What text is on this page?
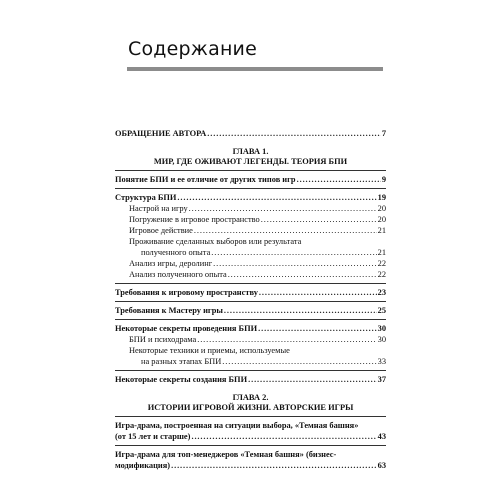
Содержание
ОБРАЩЕНИЕ АВТОРА . . .	7
ГЛАВА 1.
МИР, ГДЕ ОЖИВАЮТ ЛЕГЕНДЫ. ТЕОРИЯ БПИ
Понятие БПИ и ее отличие от других типов игр . . .	9
Структура БПИ . . .	19
Настрой на игру . . .	20
Погружение в игровое пространство . . .	20
Игровое действие . . .	21
Проживание сделанных выборов или результата
полученного опыта . . .	21
Анализ игры, деролинг . . .	22
Анализ полученного опыта . . .	22
Требования к игровому пространству . . .	23
Требования к Мастеру игры . . .	25
Некоторые секреты проведения БПИ . . .	30
БПИ и психодрама . . .	30
Некоторые техники и приемы, используемые
на разных этапах БПИ . . .	33
Некоторые секреты создания БПИ . . .	37
ГЛАВА 2.
ИСТОРИИ ИГРОВОЙ ЖИЗНИ. АВТОРСКИЕ ИГРЫ
Игра-драма, построенная на ситуации выбора, «Темная башня»
(от 15 лет и старше) . . .	43
Игра-драма для топ-менеджеров «Темная башня» (бизнес-
модификация) . . .	63
